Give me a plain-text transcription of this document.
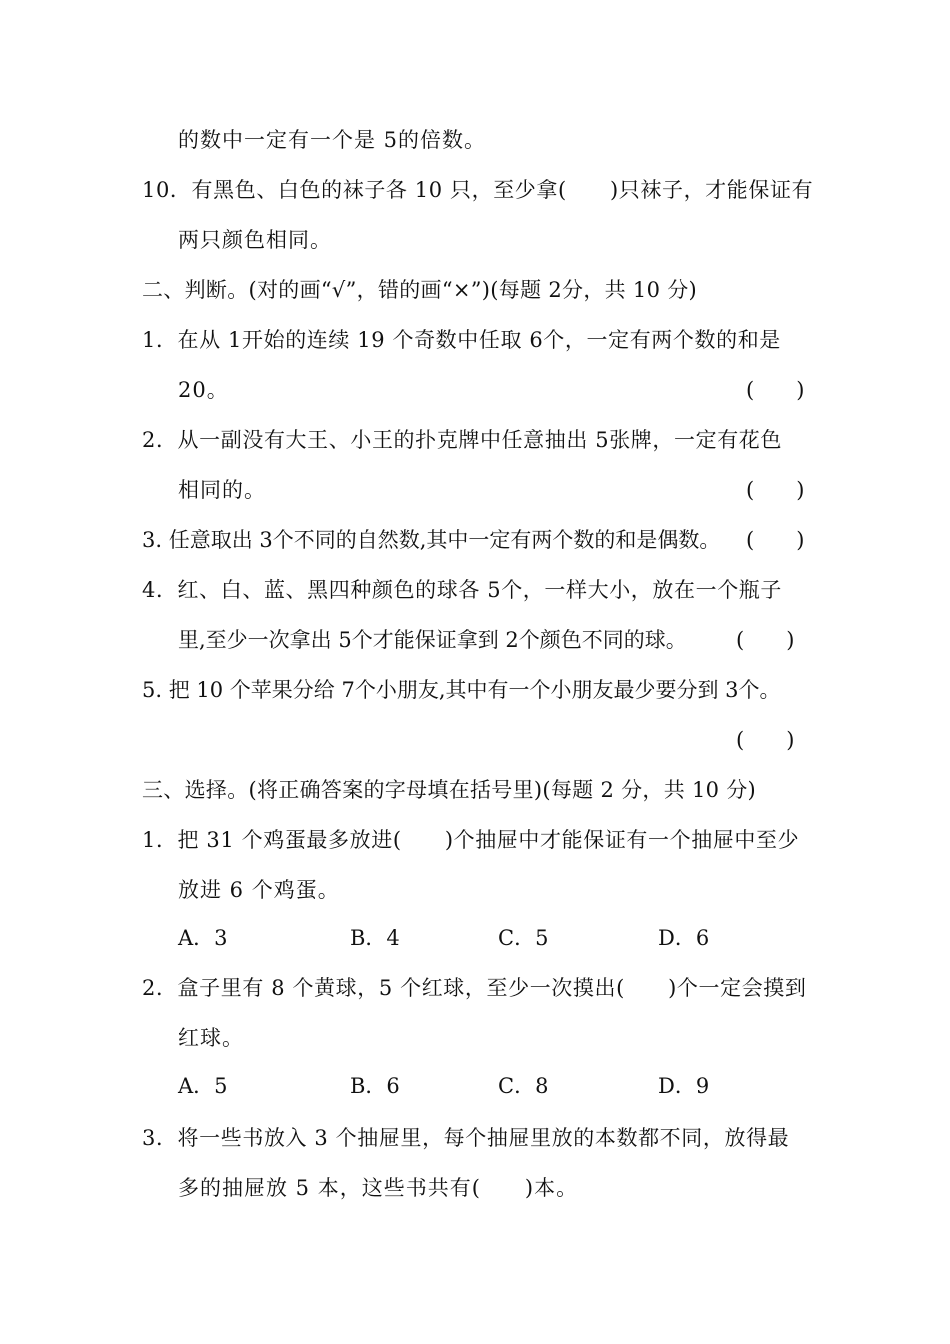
的数中一定有一个是 5的倍数。
10．有黑色、白色的袜子各 10 只，至少拿(　　)只袜子，才能保证有
两只颜色相同。
二、判断。(对的画“√”，错的画“×”)(每题 2分，共 10 分)
1．在从 1开始的连续 19 个奇数中任取 6个，一定有两个数的和是
20。	(　　)
2．从一副没有大王、小王的扑克牌中任意抽出 5张牌，一定有花色
相同的。	(　　)
3. 任意取出 3个不同的自然数,其中一定有两个数的和是偶数。 (　　)
4．红、白、蓝、黑四种颜色的球各 5个，一样大小，放在一个瓶子
里,至少一次拿出 5个才能保证拿到 2个颜色不同的球。 (　　)
5. 把 10 个苹果分给 7个小朋友,其中有一个小朋友最少要分到 3个。
(　　)
三、选择。(将正确答案的字母填在括号里)(每题 2 分，共 10 分)
1．把 31 个鸡蛋最多放进(　　)个抽屉中才能保证有一个抽屉中至少
放进 6 个鸡蛋。
A．3	B．4	C．5	D．6
2．盒子里有 8 个黄球，5 个红球，至少一次摸出(　　)个一定会摸到
红球。
A．5	B．6	C．8	D．9
3．将一些书放入 3 个抽屉里，每个抽屉里放的本数都不同，放得最
多的抽屉放 5 本，这些书共有(　　)本。
